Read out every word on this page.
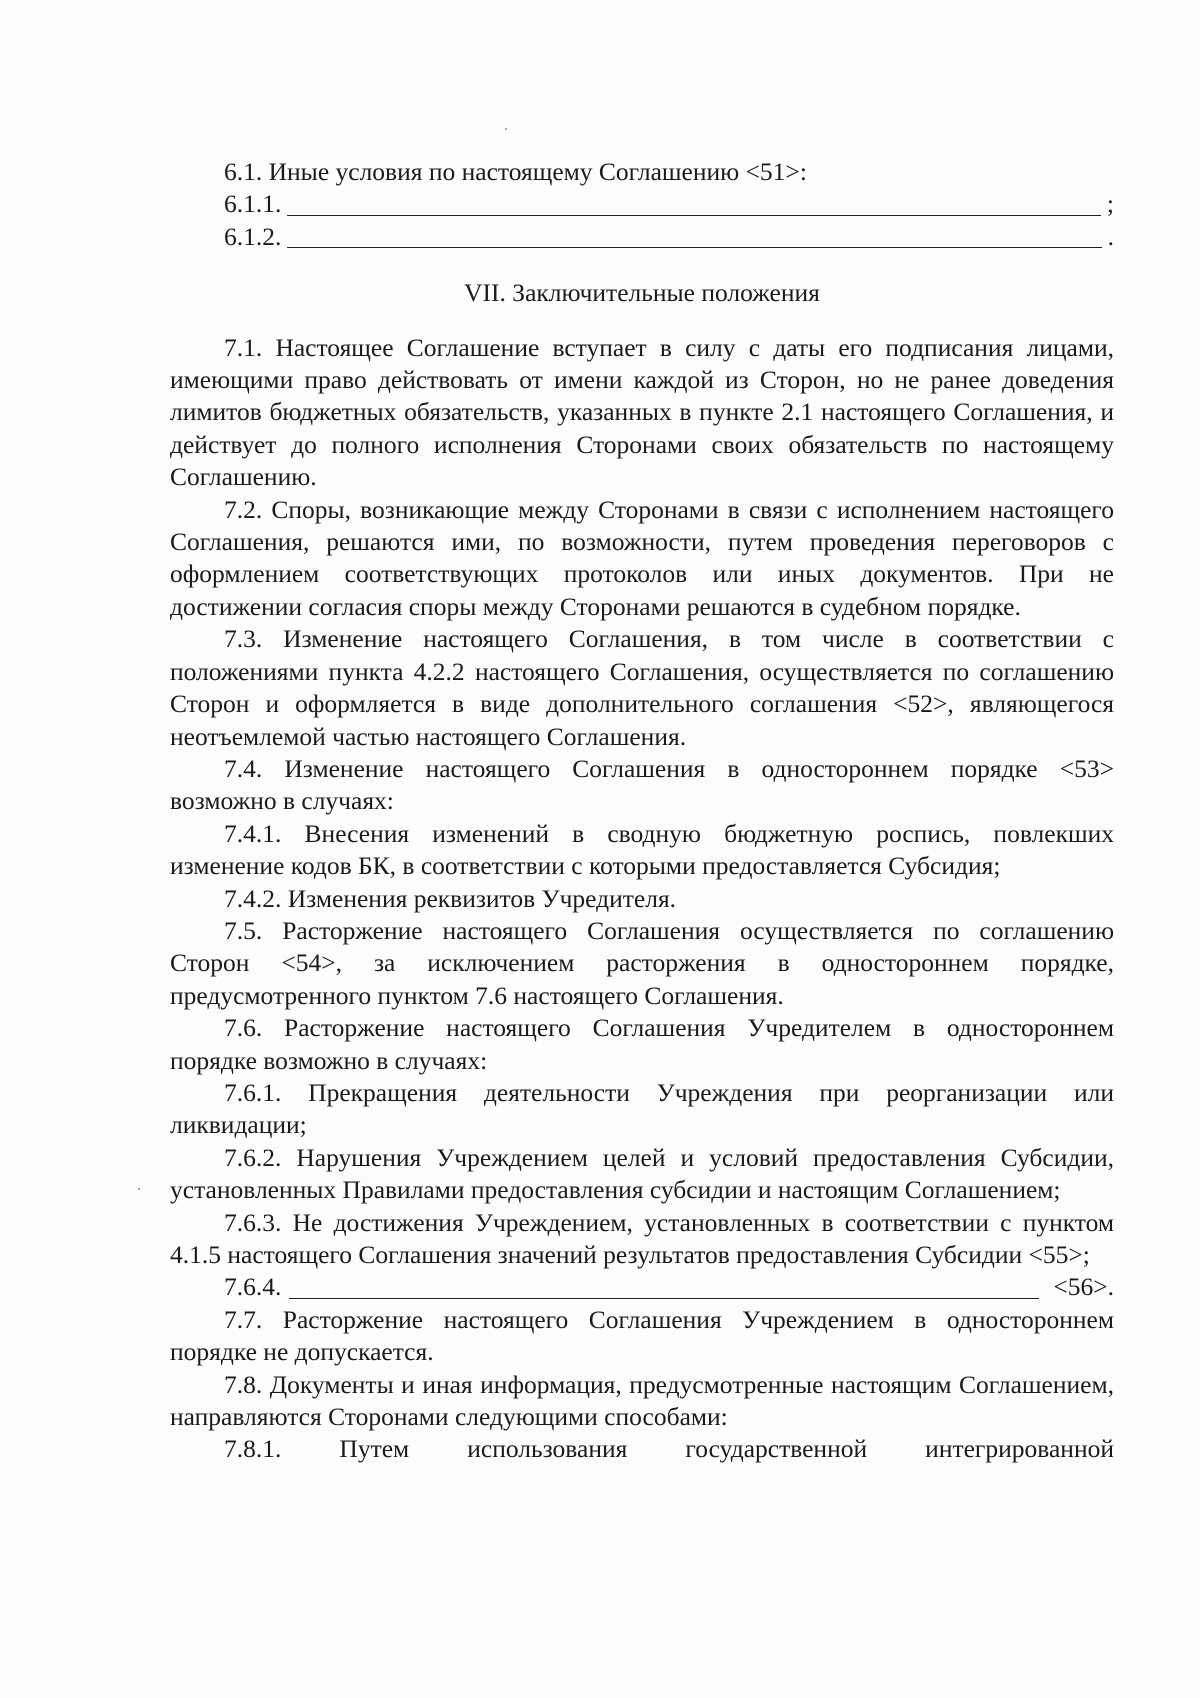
6.1. Иные условия по настоящему Соглашению <51>:
6.1.1.	;
6.1.2.	.
VII. Заключительные положения

7.1. Настоящее Соглашение вступает в силу с даты его подписания лицами, имеющими право действовать от имени каждой из Сторон, но не ранее доведения лимитов бюджетных обязательств, указанных в пункте 2.1 настоящего Соглашения, и действует до полного исполнения Сторонами своих обязательств по настоящему Соглашению.

7.2. Споры, возникающие между Сторонами в связи с исполнением настоящего Соглашения, решаются ими, по возможности, путем проведения переговоров с оформлением соответствующих протоколов или иных документов. При не достижении согласия споры между Сторонами решаются в судебном порядке.

7.3. Изменение настоящего Соглашения, в том числе в соответствии с положениями пункта 4.2.2 настоящего Соглашения, осуществляется по соглашению Сторон и оформляется в виде дополнительного соглашения <52>, являющегося неотъемлемой частью настоящего Соглашения.

7.4. Изменение настоящего Соглашения в одностороннем порядке <53> возможно в случаях:

7.4.1. Внесения изменений в сводную бюджетную роспись, повлекших изменение кодов БК, в соответствии с которыми предоставляется Субсидия;

7.4.2. Изменения реквизитов Учредителя.

7.5. Расторжение настоящего Соглашения осуществляется по соглашению Сторон <54>, за исключением расторжения в одностороннем порядке, предусмотренного пунктом 7.6 настоящего Соглашения.

7.6. Расторжение настоящего Соглашения Учредителем в одностороннем порядке возможно в случаях:

7.6.1. Прекращения деятельности Учреждения при реорганизации или ликвидации;

7.6.2. Нарушения Учреждением целей и условий предоставления Субсидии, установленных Правилами предоставления субсидии и настоящим Соглашением;

7.6.3. Не достижения Учреждением, установленных в соответствии с пунктом 4.1.5 настоящего Соглашения значений результатов предоставления Субсидии <55>;

7.6.4.	<56>.

7.7. Расторжение настоящего Соглашения Учреждением в одностороннем порядке не допускается.

7.8. Документы и иная информация, предусмотренные настоящим Соглашением, направляются Сторонами следующими способами:

7.8.1. Путем использования государственной интегрированной
